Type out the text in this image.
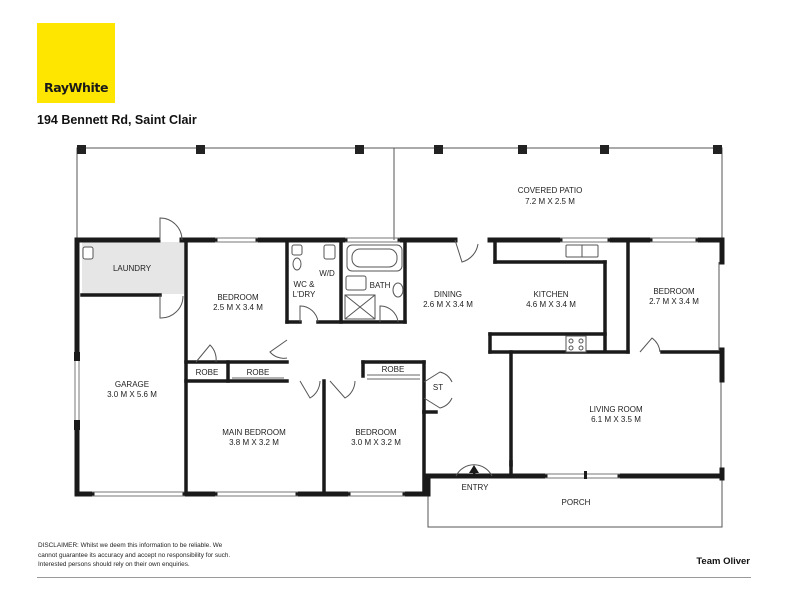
RayWhite
194 Bennett Rd, Saint Clair
COVERED PATIO
7.2 M X 2.5 M
LAUNDRY
BEDROOM
2.5 M X 3.4 M
WC &
L'DRY
W/D
BATH
DINING
2.6 M X 3.4 M
KITCHEN
4.6 M X 3.4 M
BEDROOM
2.7 M X 3.4 M
GARAGE
3.0 M X 5.6 M
ROBE	ROBE	ROBE
ST
MAIN BEDROOM
3.8 M X 3.2 M
BEDROOM
3.0 M X 3.2 M
LIVING ROOM
6.1 M X 3.5 M
ENTRY
PORCH
DISCLAIMER: Whilst we deem this information to be reliable. We
cannot guarantee its accuracy and accept no responsibility for such.
Interested persons should rely on their own enquiries.	Team Oliver
